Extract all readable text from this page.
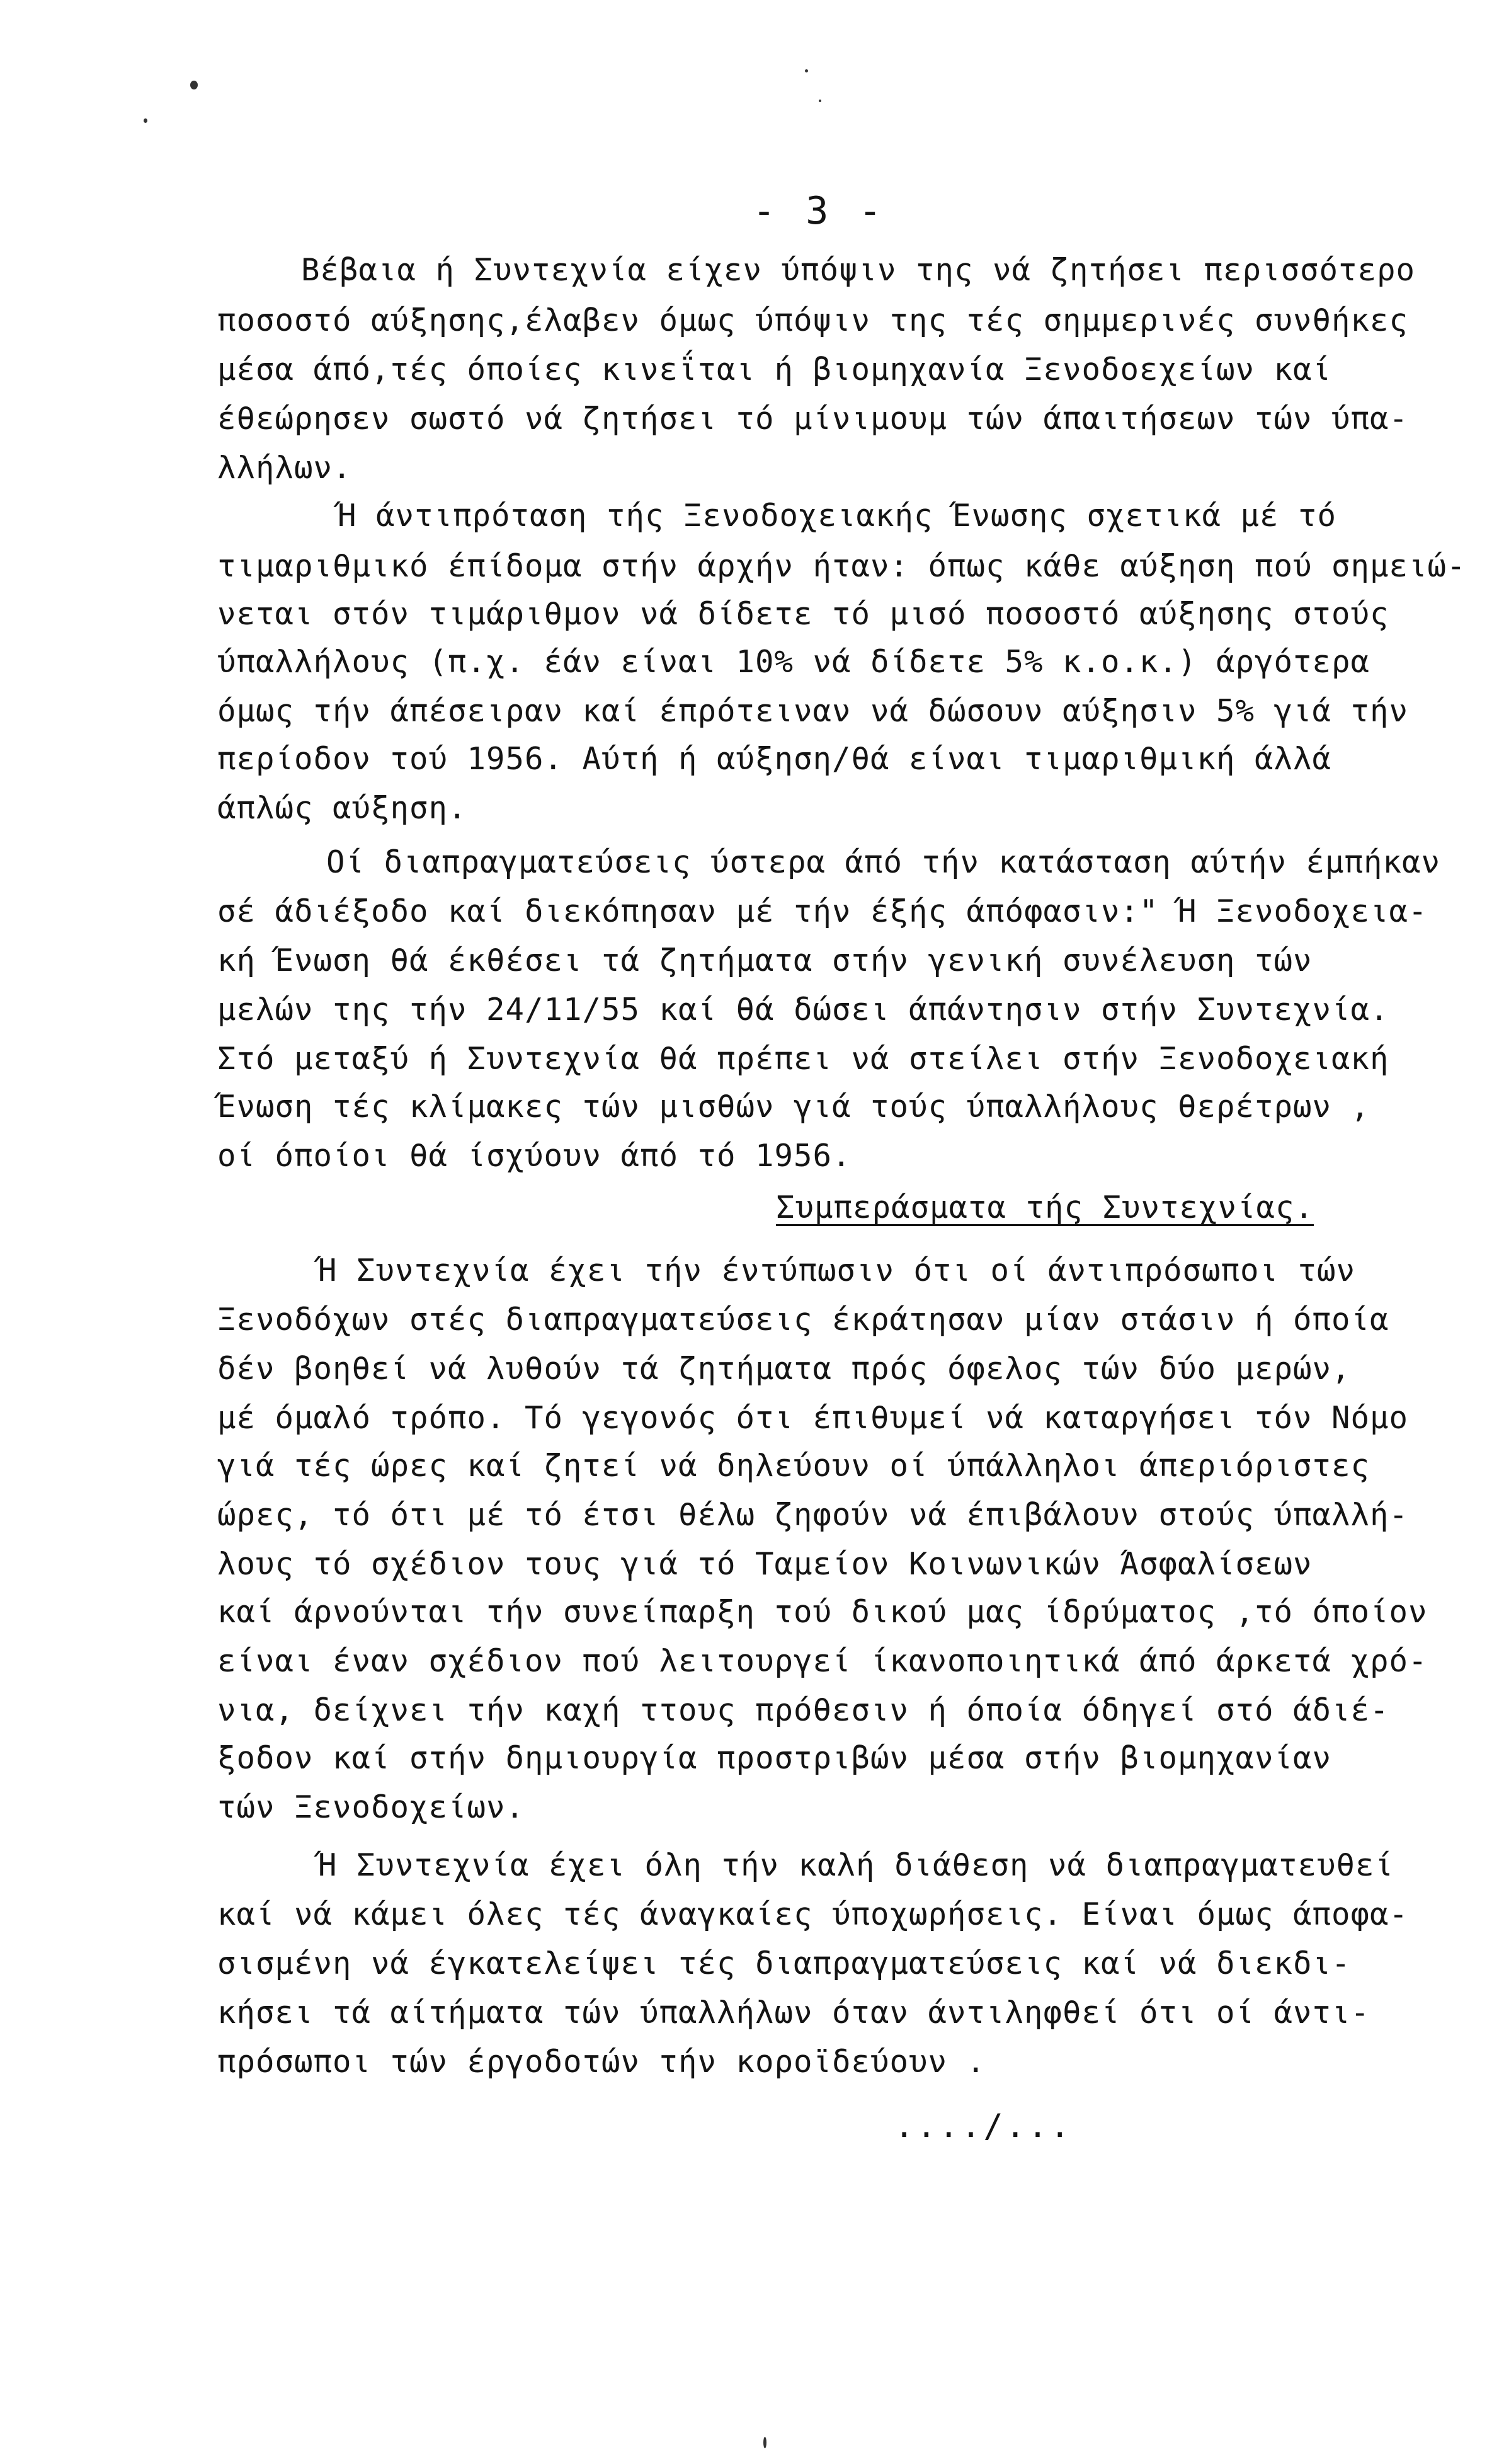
- 3 -
Βέβαια ή Συντεχνία είχεν ύπόψιν της νά ζητήσει περισσότερο
ποσοστό αύξησης,έλαβεν όμως ύπόψιν της τές σημμερινές συνθήκες
μέσα άπό,τές όποίες κινεΐται ή βιομηχανία Ξενοδοεχείων καί
έθεώρησεν σωστό νά ζητήσει τό μίνιμουμ τών άπαιτήσεων τών ύπα-
λλήλων.
Ή άντιπρόταση τής Ξενοδοχειακής Ένωσης σχετικά μέ τό
τιμαριθμικό έπίδομα στήν άρχήν ήταν: όπως κάθε αύξηση πού σημειώ-
νεται στόν τιμάριθμον νά δίδετε τό μισό ποσοστό αύξησης στούς
ύπαλλήλους (π.χ. έάν είναι 10% νά δίδετε 5% κ.ο.κ.) άργότερα
όμως τήν άπέσειραν καί έπρότειναν νά δώσουν αύξησιν 5% γιά τήν
περίοδον τού 1956. Αύτή ή αύξηση/θά είναι τιμαριθμική άλλά
άπλώς αύξηση.
Οί διαπραγματεύσεις ύστερα άπό τήν κατάσταση αύτήν έμπήκαν
σέ άδιέξοδο καί διεκόπησαν μέ τήν έξής άπόφασιν:" Ή Ξενοδοχεια-
κή Ένωση θά έκθέσει τά ζητήματα στήν γενική συνέλευση τών
μελών της τήν 24/11/55 καί θά δώσει άπάντησιν στήν Συντεχνία.
Στό μεταξύ ή Συντεχνία θά πρέπει νά στείλει στήν Ξενοδοχειακή
Ένωση τές κλίμακες τών μισθών γιά τούς ύπαλλήλους θερέτρων ,
οί όποίοι θά ίσχύουν άπό τό 1956.
Συμπεράσματα τής Συντεχνίας.
Ή Συντεχνία έχει τήν έντύπωσιν ότι οί άντιπρόσωποι τών
Ξενοδόχων στές διαπραγματεύσεις έκράτησαν μίαν στάσιν ή όποία
δέν βοηθεί νά λυθούν τά ζητήματα πρός όφελος τών δύο μερών,
μέ όμαλό τρόπο. Τό γεγονός ότι έπιθυμεί νά καταργήσει τόν Νόμο
γιά τές ώρες καί ζητεί νά δηλεύουν οί ύπάλληλοι άπεριόριστες
ώρες, τό ότι μέ τό έτσι θέλω ζηφούν νά έπιβάλουν στούς ύπαλλή-
λους τό σχέδιον τους γιά τό Ταμείον Κοινωνικών Άσφαλίσεων
καί άρνούνται τήν συνείπαρξη τού δικού μας ίδρύματος ,τό όποίον
είναι έναν σχέδιον πού λειτουργεί ίκανοποιητικά άπό άρκετά χρό-
νια, δείχνει τήν καχή ττους πρόθεσιν ή όποία όδηγεί στό άδιέ-
ξοδον καί στήν δημιουργία προστριβών μέσα στήν βιομηχανίαν
τών Ξενοδοχείων.
Ή Συντεχνία έχει όλη τήν καλή διάθεση νά διαπραγματευθεί
καί νά κάμει όλες τές άναγκαίες ύποχωρήσεις. Είναι όμως άποφα-
σισμένη νά έγκατελείψει τές διαπραγματεύσεις καί νά διεκδι-
κήσει τά αίτήματα τών ύπαλλήλων όταν άντιληφθεί ότι οί άντι-
πρόσωποι τών έργοδοτών τήν κοροϊδεύουν .
..../...
